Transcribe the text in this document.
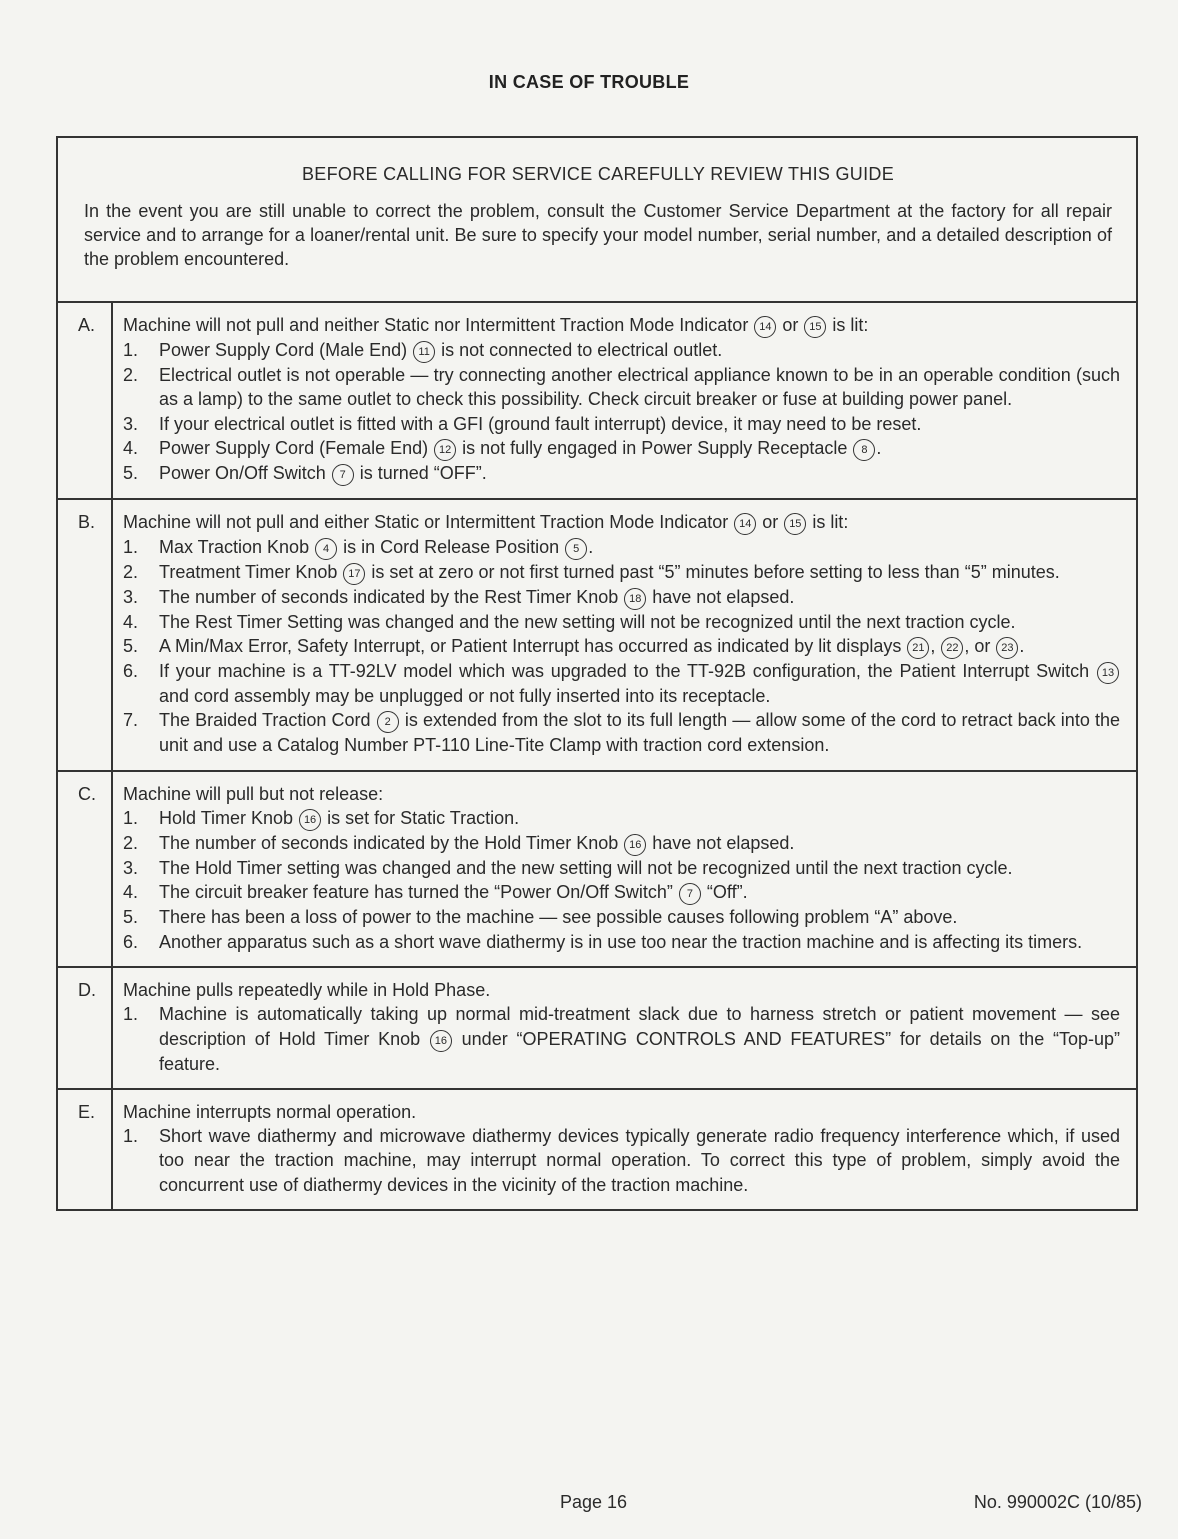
IN CASE OF TROUBLE
BEFORE CALLING FOR SERVICE CAREFULLY REVIEW THIS GUIDE
In the event you are still unable to correct the problem, consult the Customer Service Department at the factory for all repair service and to arrange for a loaner/rental unit. Be sure to specify your model number, serial number, and a detailed description of the problem encountered.
A.	Machine will not pull and neither Static nor Intermittent Traction Mode Indicator 14 or 15 is lit:
1.	Power Supply Cord (Male End) 11 is not connected to electrical outlet.
2.	Electrical outlet is not operable — try connecting another electrical appliance known to be in an operable condition (such as a lamp) to the same outlet to check this possibility. Check circuit breaker or fuse at building power panel.
3.	If your electrical outlet is fitted with a GFI (ground fault interrupt) device, it may need to be reset.
4.	Power Supply Cord (Female End) 12 is not fully engaged in Power Supply Receptacle 8 .
5.	Power On/Off Switch 7 is turned “OFF”.
B.	Machine will not pull and either Static or Intermittent Traction Mode Indicator 14 or 15 is lit:
1.	Max Traction Knob 4 is in Cord Release Position 5 .
2.	Treatment Timer Knob 17 is set at zero or not first turned past “5” minutes before setting to less than “5” minutes.
3.	The number of seconds indicated by the Rest Timer Knob 18 have not elapsed.
4.	The Rest Timer Setting was changed and the new setting will not be recognized until the next traction cycle.
5.	A Min/Max Error, Safety Interrupt, or Patient Interrupt has occurred as indicated by lit displays 21 , 22 , or 23 .
6.	If your machine is a TT-92LV model which was upgraded to the TT-92B configuration, the Patient Interrupt Switch 13 and cord assembly may be unplugged or not fully inserted into its receptacle.
7.	The Braided Traction Cord 2 is extended from the slot to its full length — allow some of the cord to retract back into the unit and use a Catalog Number PT-110 Line-Tite Clamp with traction cord extension.
C.	Machine will pull but not release:
1.	Hold Timer Knob 16 is set for Static Traction.
2.	The number of seconds indicated by the Hold Timer Knob 16 have not elapsed.
3.	The Hold Timer setting was changed and the new setting will not be recognized until the next traction cycle.
4.	The circuit breaker feature has turned the “Power On/Off Switch” 7 “Off”.
5.	There has been a loss of power to the machine — see possible causes following problem “A” above.
6.	Another apparatus such as a short wave diathermy is in use too near the traction machine and is affecting its timers.
D.	Machine pulls repeatedly while in Hold Phase.
1.	Machine is automatically taking up normal mid-treatment slack due to harness stretch or patient movement — see description of Hold Timer Knob 16 under “OPERATING CONTROLS AND FEATURES” for details on the “Top-up” feature.
E.	Machine interrupts normal operation.
1.	Short wave diathermy and microwave diathermy devices typically generate radio frequency interference which, if used too near the traction machine, may interrupt normal operation. To correct this type of problem, simply avoid the concurrent use of diathermy devices in the vicinity of the traction machine.
Page 16	No. 990002C (10/85)
